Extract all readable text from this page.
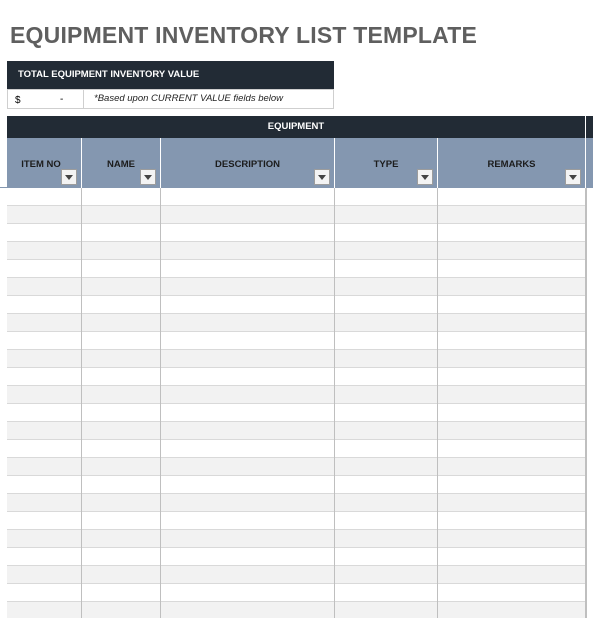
EQUIPMENT INVENTORY LIST TEMPLATE
TOTAL EQUIPMENT INVENTORY VALUE
$	-	*Based upon CURRENT VALUE fields below
EQUIPMENT
ITEM NO	NAME	DESCRIPTION	TYPE	REMARKS
